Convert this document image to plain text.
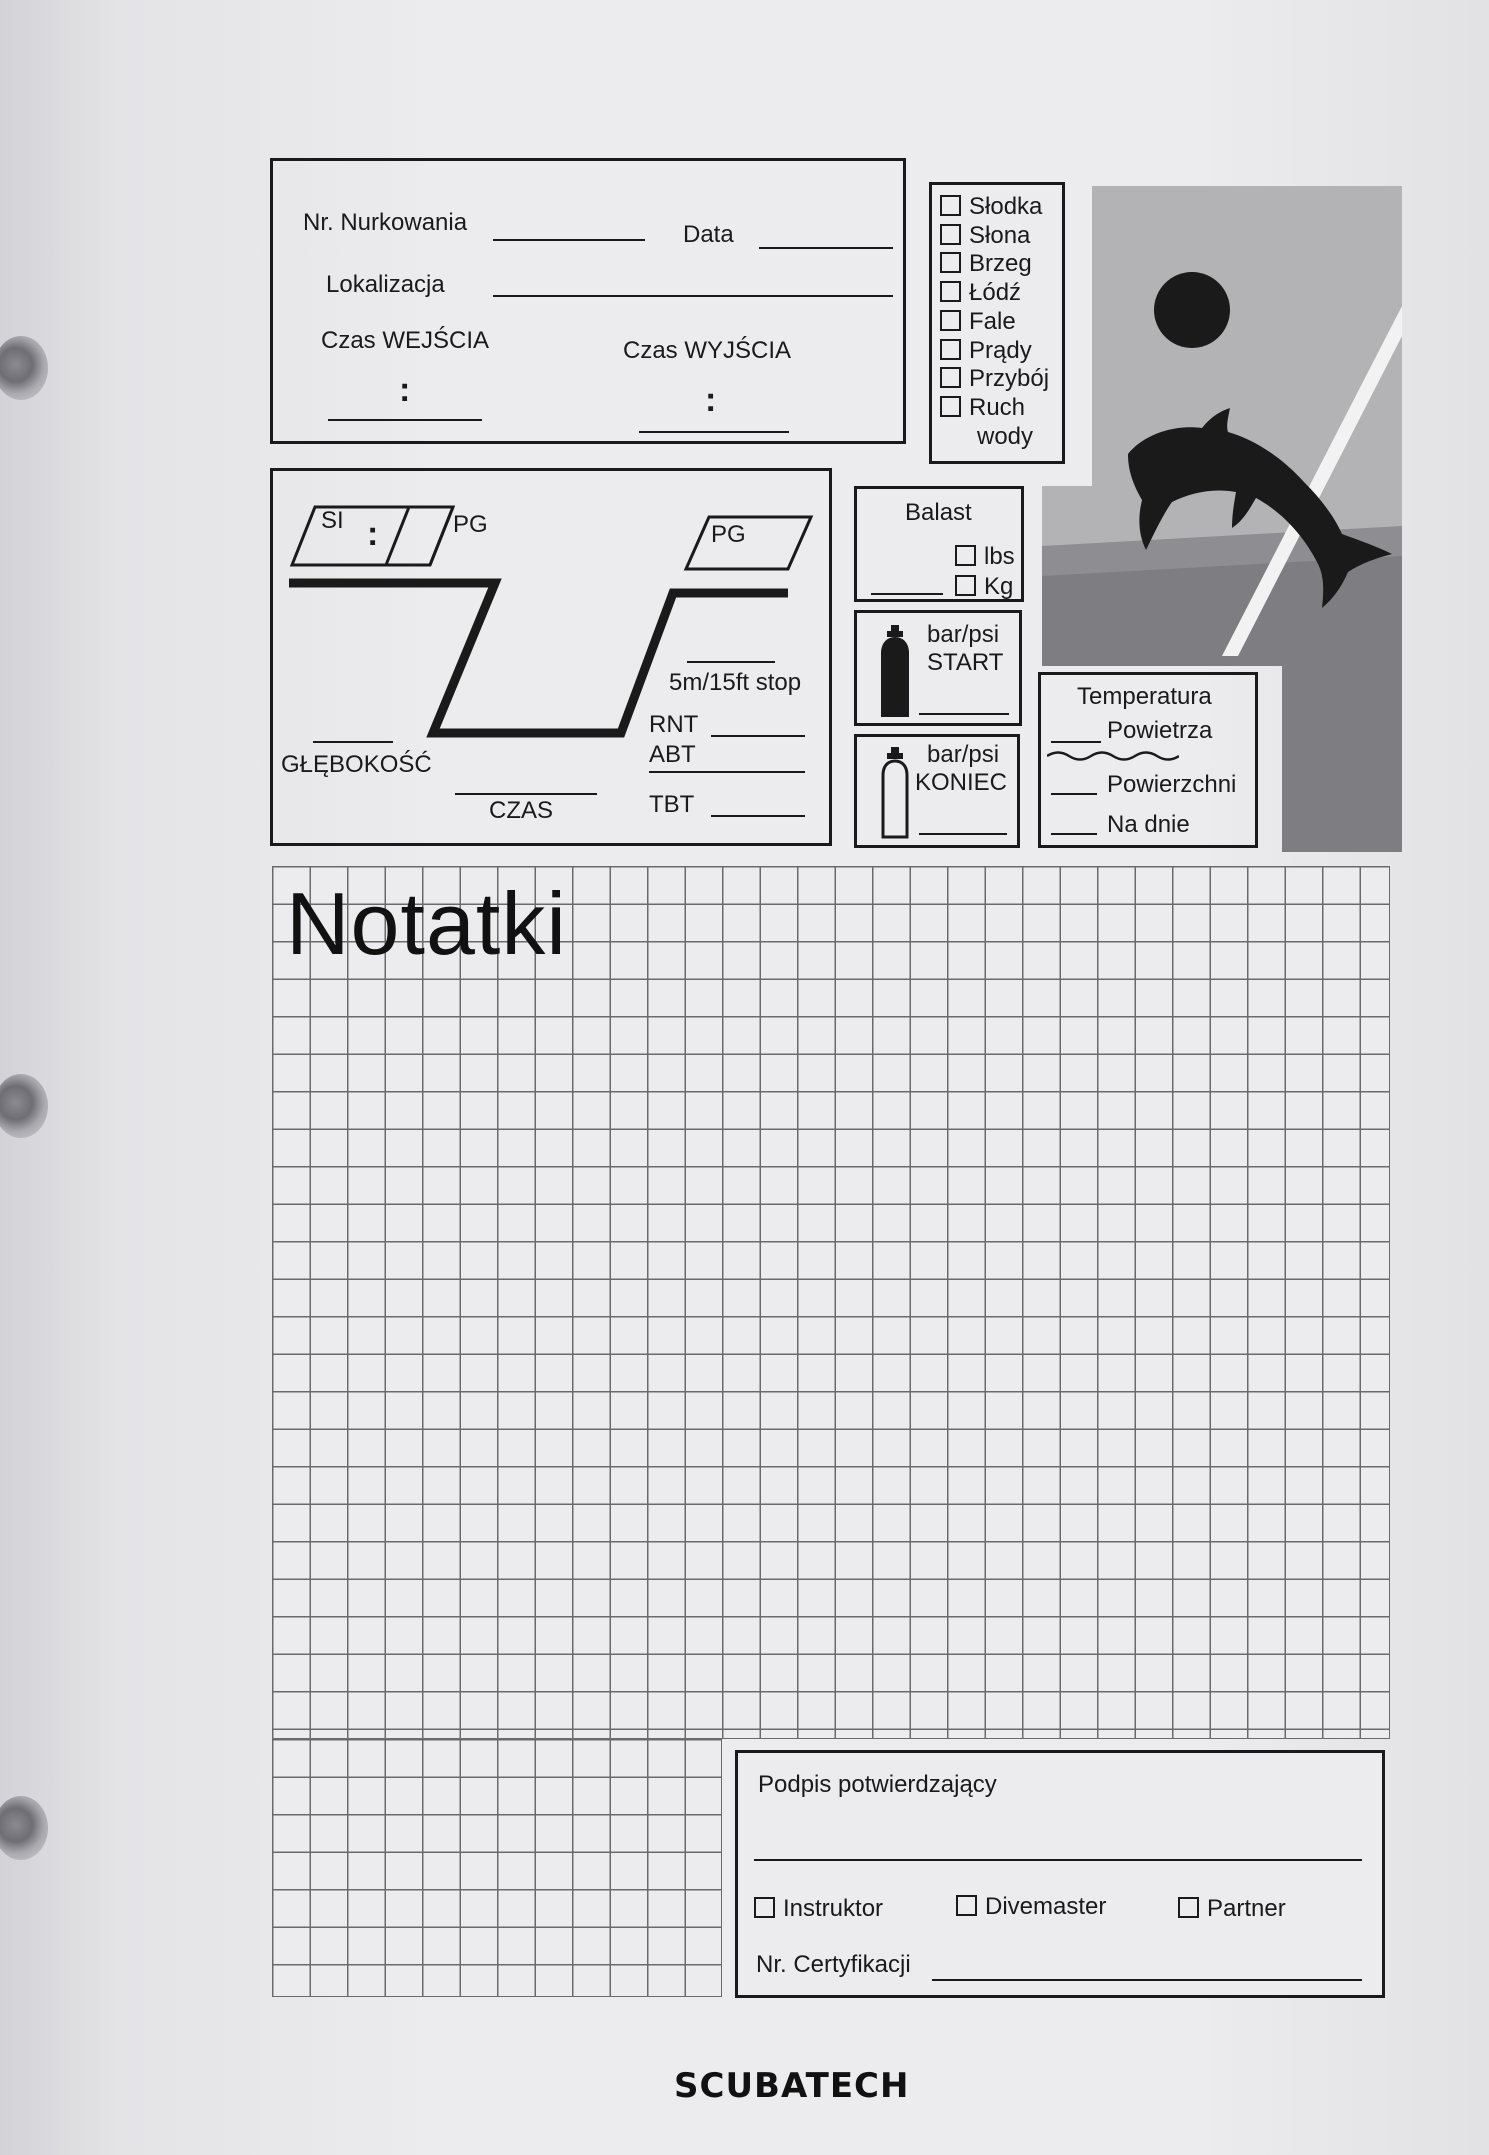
Nr. Nurkowania	Data
Lokalizacja
Czas WEJŚCIA
:
Czas WYJŚCIA
:
Słodka
Słona
Brzeg
Łódź
Fale
Prądy
Przybój
Ruch
wody
SI :	PG	PG
5m/15ft stop
GŁĘBOKOŚĆ
CZAS
RNT
ABT
TBT
Balast
lbs
Kg
bar/psi
START
bar/psi
KONIEC
Temperatura
Powietrza
Powierzchni
Na dnie
Notatki
Podpis potwierdzający
Instruktor	Divemaster	Partner
Nr. Certyfikacji
SCUBATECH
